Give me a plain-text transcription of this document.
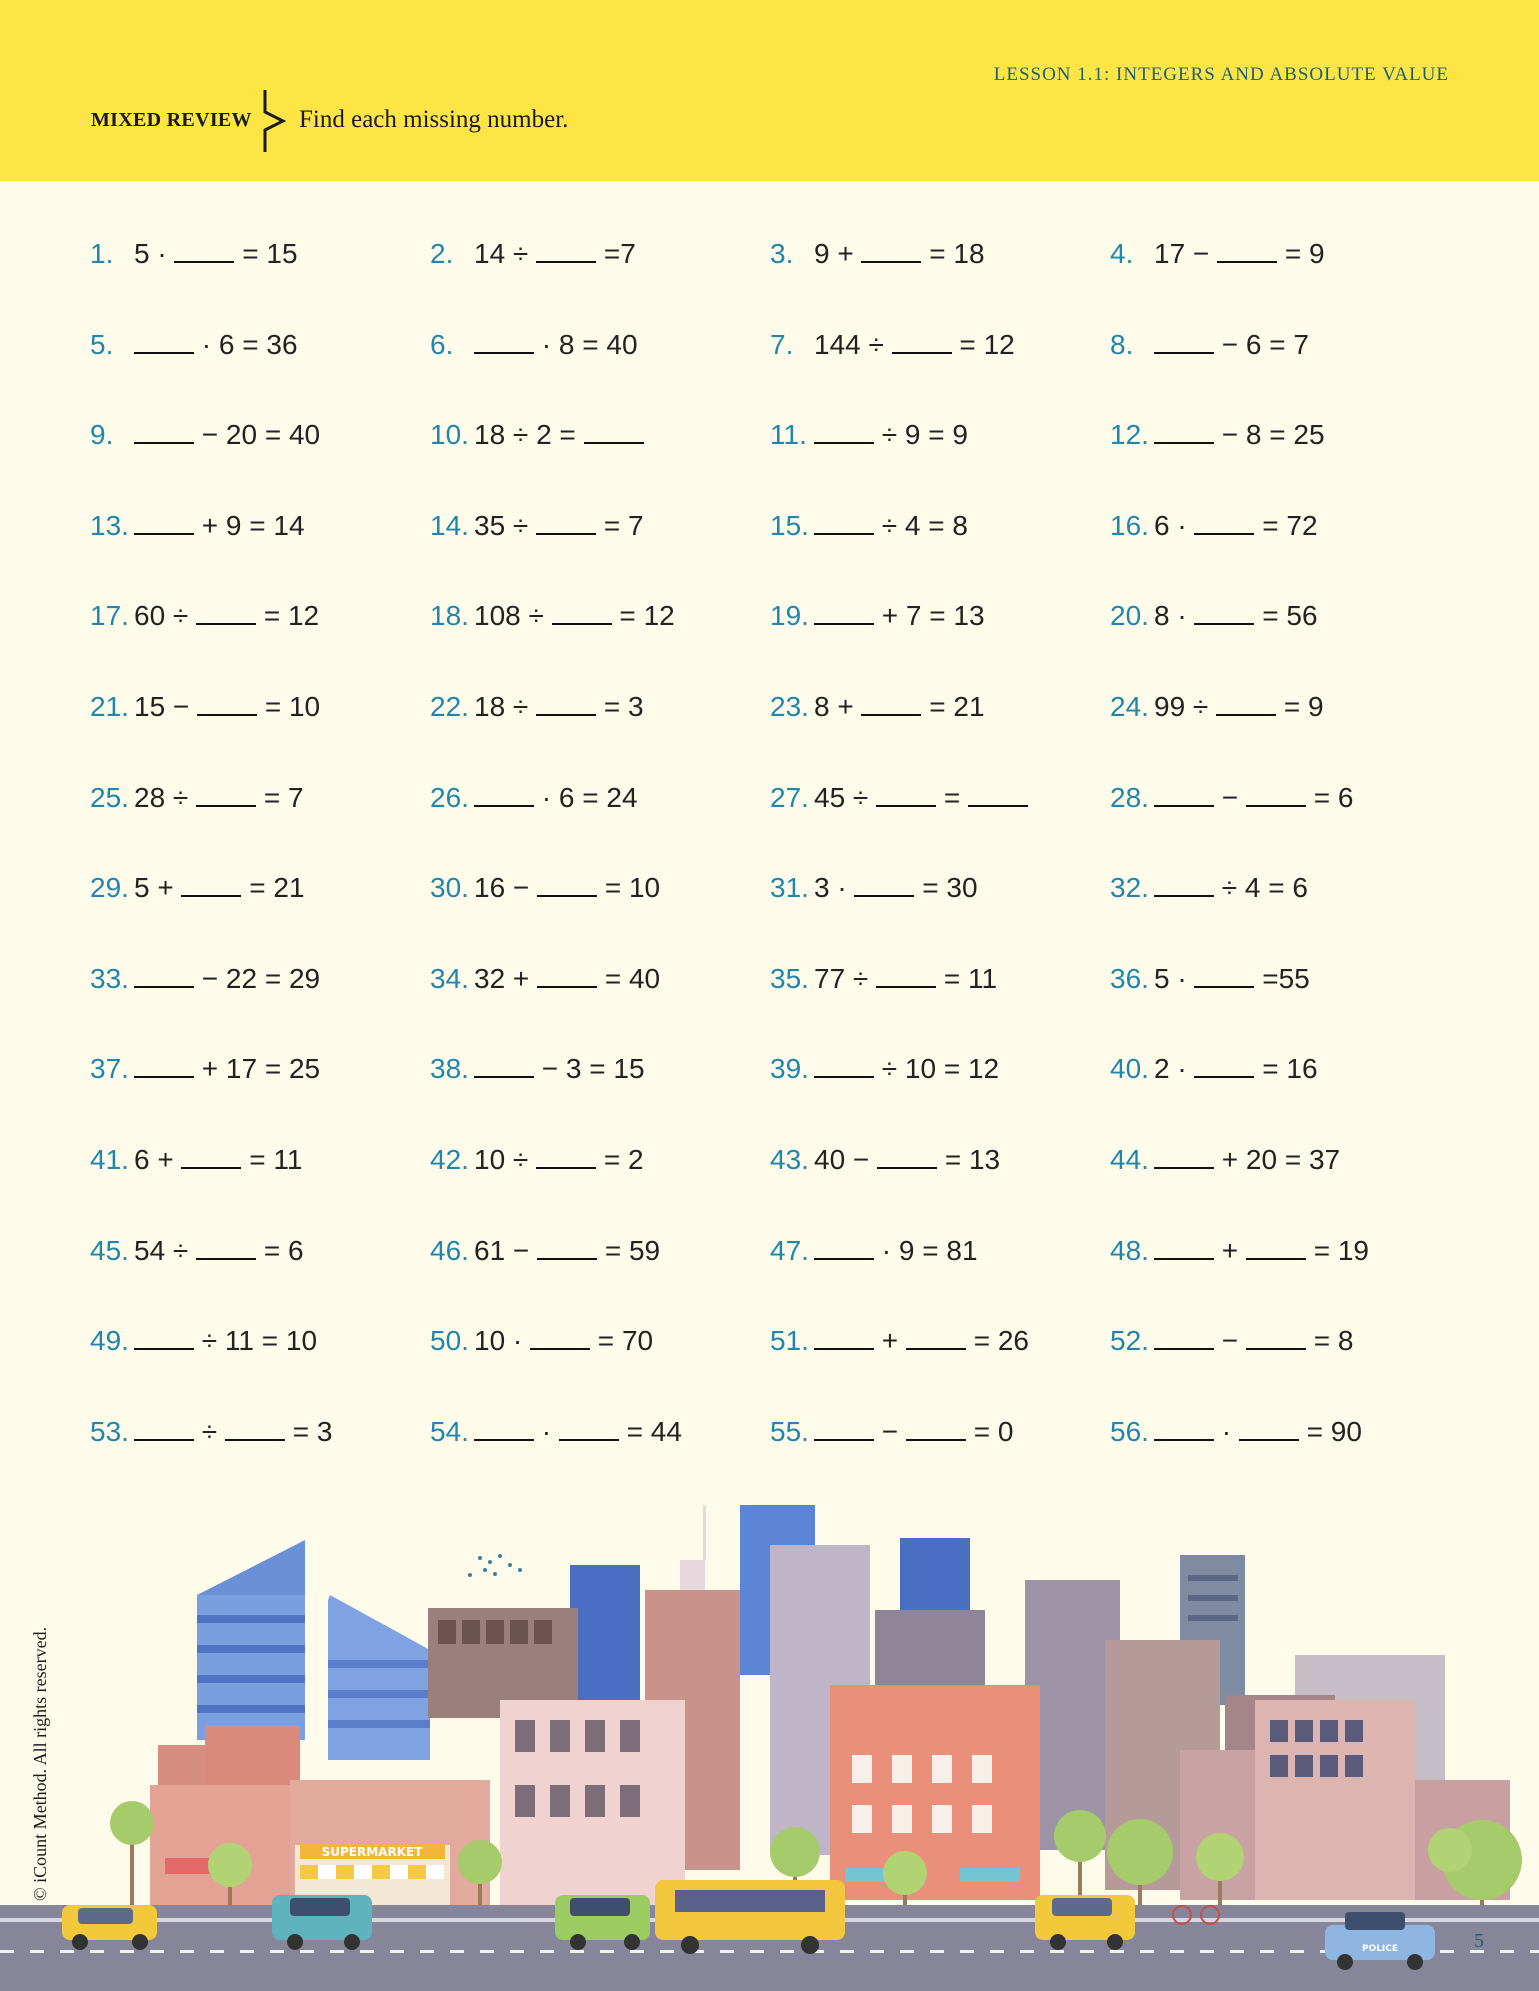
LESSON 1.1: INTEGERS AND ABSOLUTE VALUE
MIXED REVIEW Find each missing number.
1. 5 ·  = 15	2. 14 ÷  =7	3. 9 +  = 18	4. 17 −  = 9
5.	· 6 = 36	6.	· 8 = 40	7. 144 ÷  = 12	8.	− 6 = 7
9.	− 20 = 40	10. 18 ÷ 2 =	11. ÷ 9 = 9	12. − 8 = 25
13. + 9 = 14	14. 35 ÷  = 7	15. ÷ 4 = 8	16. 6 ·  = 72
17. 60 ÷  = 12	18. 108 ÷  = 12	19. + 7 = 13	20. 8 ·  = 56
21. 15 −  = 10	22. 18 ÷  = 3	23. 8 +  = 21	24. 99 ÷  = 9
25. 28 ÷  = 7	26. · 6 = 24	27. 45 ÷  =	28. −  = 6
29. 5 +  = 21	30. 16 −  = 10	31. 3 ·  = 30	32. ÷ 4 = 6
33. − 22 = 29	34. 32 +  = 40	35. 77 ÷  = 11	36. 5 ·  =55
37. + 17 = 25	38. − 3 = 15	39. ÷ 10 = 12	40. 2 ·  = 16
41. 6 +  = 11	42. 10 ÷  = 2	43. 40 −  = 13	44. + 20 = 37
45. 54 ÷  = 6	46. 61 −  = 59	47. · 9 = 81	48. +  = 19
49. ÷ 11 = 10	50. 10 ·  = 70	51. +  = 26	52. −  = 8
53. ÷  = 3	54. ·  = 44	55. −  = 0	56. ·  = 90
SUPERMARKET
POLICE
© iCount Method. All rights reserved.
5
